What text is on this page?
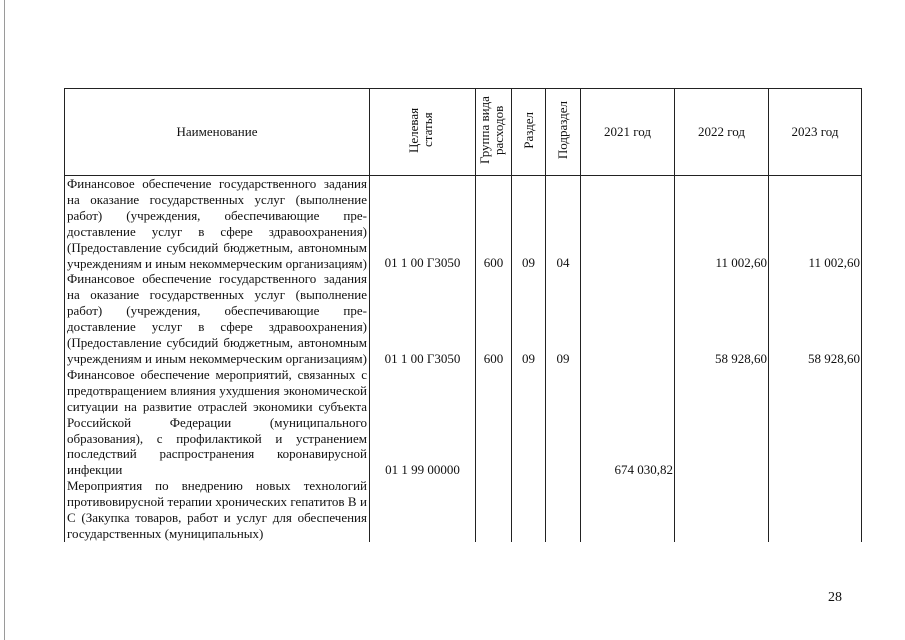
Наименование	Целевая статья	Группа вида расходов	Раздел	Подраздел	2021 год	2022 год	2023 год
Финансовое обеспечение государственного задания на оказание государственных услуг (выполнение работ) (учреждения, обеспечивающие предоставление услуг в сфере здравоохранения) (Предоставление субсидий бюджетным, автономным учреждениям и иным некоммерческим организациям)	01 1 00 Г3050	600	09	04		11 002,60	11 002,60
Финансовое обеспечение государственного задания на оказание государственных услуг (выполнение работ) (учреждения, обеспечивающие предоставление услуг в сфере здравоохранения) (Предоставление субсидий бюджетным, автономным учреждениям и иным некоммерческим организациям)	01 1 00 Г3050	600	09	09		58 928,60	58 928,60
Финансовое обеспечение мероприятий, связанных с предотвращением влияния ухудшения экономической ситуации на развитие отраслей экономики субъекта Российской Федерации (муниципального образования), с профилактикой и устранением последствий распространения коронавирусной инфекции	01 1 99 00000				674 030,82		
Мероприятия по внедрению новых технологий противовирусной терапии хронических гепатитов В и С (Закупка товаров, работ и услуг для обеспечения государственных (муниципальных)							
28
